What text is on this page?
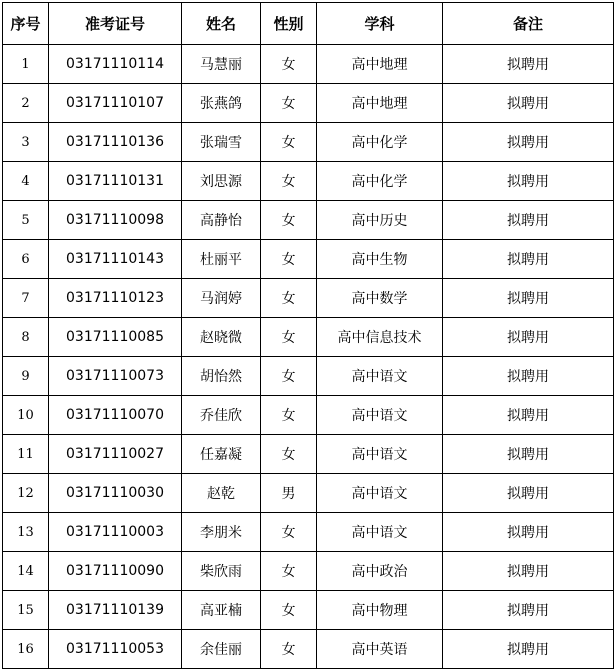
序号	准考证号	姓名	性别	学科	备注
1	03171110114	马慧丽	女	高中地理	拟聘用
2	03171110107	张燕鸽	女	高中地理	拟聘用
3	03171110136	张瑞雪	女	高中化学	拟聘用
4	03171110131	刘思源	女	高中化学	拟聘用
5	03171110098	高静怡	女	高中历史	拟聘用
6	03171110143	杜丽平	女	高中生物	拟聘用
7	03171110123	马润婷	女	高中数学	拟聘用
8	03171110085	赵晓微	女	高中信息技术	拟聘用
9	03171110073	胡怡然	女	高中语文	拟聘用
10	03171110070	乔佳欣	女	高中语文	拟聘用
11	03171110027	任嘉凝	女	高中语文	拟聘用
12	03171110030	赵乾	男	高中语文	拟聘用
13	03171110003	李朋米	女	高中语文	拟聘用
14	03171110090	柴欣雨	女	高中政治	拟聘用
15	03171110139	高亚楠	女	高中物理	拟聘用
16	03171110053	余佳丽	女	高中英语	拟聘用
